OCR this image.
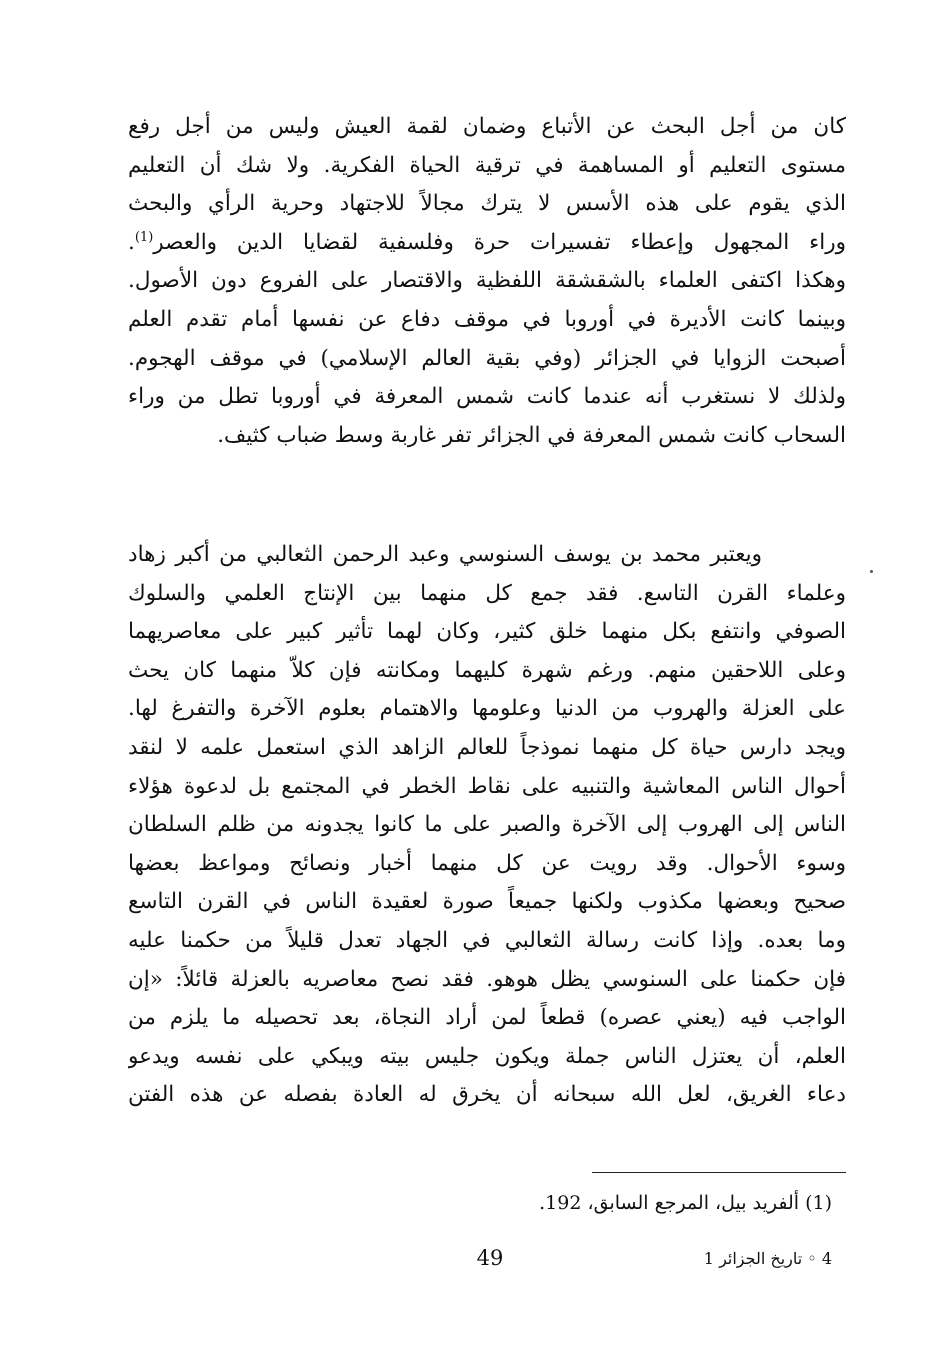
كان من أجل البحث عن الأتباع وضمان لقمة العيش وليس من أجل رفع
مستوى التعليم أو المساهمة في ترقية الحياة الفكرية. ولا شك أن التعليم
الذي يقوم على هذه الأسس لا يترك مجالاً للاجتهاد وحرية الرأي والبحث
وراء المجهول وإعطاء تفسيرات حرة وفلسفية لقضايا الدين والعصر$^{(1)}$.
وهكذا اكتفى العلماء بالشقشقة اللفظية والاقتصار على الفروع دون الأصول.
وبينما كانت الأديرة في أوروبا في موقف دفاع عن نفسها أمام تقدم العلم
أصبحت الزوايا في الجزائر (وفي بقية العالم الإسلامي) في موقف الهجوم.
ولذلك لا نستغرب أنه عندما كانت شمس المعرفة في أوروبا تطل من وراء
السحاب كانت شمس المعرفة في الجزائر تفر غاربة وسط ضباب كثيف.
ويعتبر محمد بن يوسف السنوسي وعبد الرحمن الثعالبي من أكبر زهاد
وعلماء القرن التاسع. فقد جمع كل منهما بين الإنتاج العلمي والسلوك
الصوفي وانتفع بكل منهما خلق كثير، وكان لهما تأثير كبير على معاصريهما
وعلى اللاحقين منهم. ورغم شهرة كليهما ومكانته فإن كلاّ منهما كان يحث
على العزلة والهروب من الدنيا وعلومها والاهتمام بعلوم الآخرة والتفرغ لها.
ويجد دارس حياة كل منهما نموذجاً للعالم الزاهد الذي استعمل علمه لا لنقد
أحوال الناس المعاشية والتنبيه على نقاط الخطر في المجتمع بل لدعوة هؤلاء
الناس إلى الهروب إلى الآخرة والصبر على ما كانوا يجدونه من ظلم السلطان
وسوء الأحوال. وقد رويت عن كل منهما أخبار ونصائح ومواعظ بعضها
صحيح وبعضها مكذوب ولكنها جميعاً صورة لعقيدة الناس في القرن التاسع
وما بعده. وإذا كانت رسالة الثعالبي في الجهاد تعدل قليلاً من حكمنا عليه
فإن حكمنا على السنوسي يظل هوهو. فقد نصح معاصريه بالعزلة قائلاً: «إن
الواجب فيه (يعني عصره) قطعاً لمن أراد النجاة، بعد تحصيله ما يلزم من
العلم، أن يعتزل الناس جملة ويكون جليس بيته ويبكي على نفسه ويدعو
دعاء الغريق، لعل الله سبحانه أن يخرق له العادة بفصله عن هذه الفتن
(1) ألفريد بيل، المرجع السابق، 192.
49	4 ◦ تاريخ الجزائر 1
